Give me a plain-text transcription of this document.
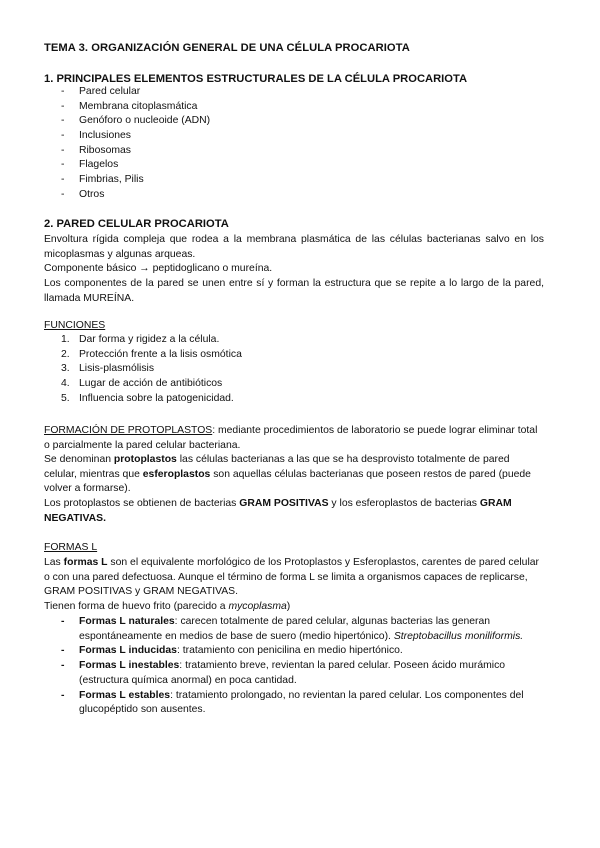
TEMA 3. ORGANIZACIÓN GENERAL DE UNA CÉLULA PROCARIOTA
1. PRINCIPALES ELEMENTOS ESTRUCTURALES DE LA CÉLULA PROCARIOTA
- Pared celular
- Membrana citoplasmática
- Genóforo o nucleoide (ADN)
- Inclusiones
- Ribosomas
- Flagelos
- Fimbrias, Pilis
- Otros
2. PARED CELULAR PROCARIOTA

Envoltura rígida compleja que rodea a la membrana plasmática de las células bacterianas salvo en los micoplasmas y algunas arqueas.

Componente básico → peptidoglicano o mureína.

Los componentes de la pared se unen entre sí y forman la estructura que se repite a lo largo de la pared, llamada MUREÍNA.

FUNCIONES

1. Dar forma y rigidez a la célula.
2. Protección frente a la lisis osmótica
3. Lisis-plasmólisis
4. Lugar de acción de antibióticos
5. Influencia sobre la patogenicidad.

FORMACIÓN DE PROTOPLASTOS: mediante procedimientos de laboratorio se puede lograr eliminar total o parcialmente la pared celular bacteriana.

Se denominan protoplastos las células bacterianas a las que se ha desprovisto totalmente de pared celular, mientras que esferoplastos son aquellas células bacterianas que poseen restos de pared (puede volver a formarse).

Los protoplastos se obtienen de bacterias GRAM POSITIVAS y los esferoplastos de bacterias GRAM NEGATIVAS.

FORMAS L

Las formas L son el equivalente morfológico de los Protoplastos y Esferoplastos, carentes de pared celular o con una pared defectuosa. Aunque el término de forma L se limita a organismos capaces de replicarse, GRAM POSITIVAS y GRAM NEGATIVAS.

Tienen forma de huevo frito (parecido a mycoplasma)

- Formas L naturales: carecen totalmente de pared celular, algunas bacterias las generan espontáneamente en medios de base de suero (medio hipertónico). Streptobacillus moniliformis.
- Formas L inducidas: tratamiento con penicilina en medio hipertónico.
- Formas L inestables: tratamiento breve, revientan la pared celular. Poseen ácido murámico (estructura química anormal) en poca cantidad.
- Formas L estables: tratamiento prolongado, no revientan la pared celular. Los componentes del glucopéptido son ausentes.
